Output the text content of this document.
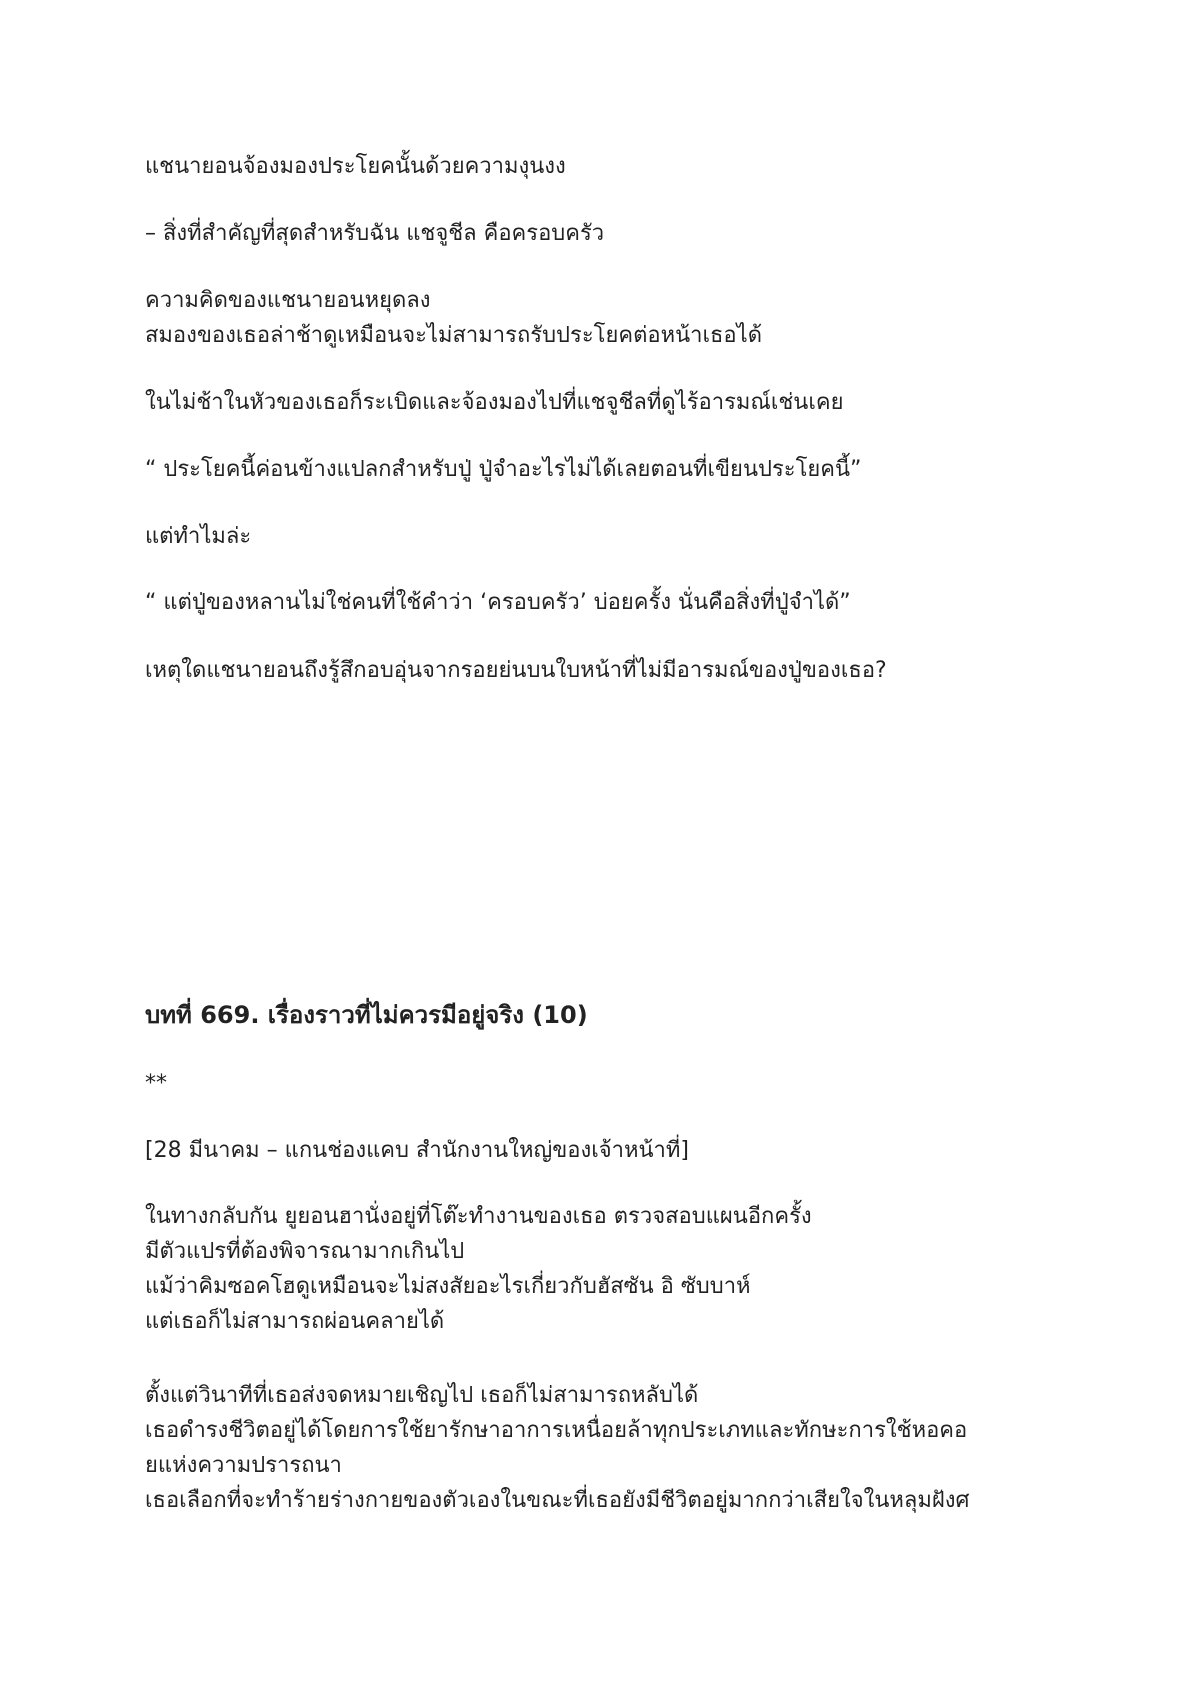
แชนายอนจ้องมองประโยคนั้นด้วยความงุนงง

– สิ่งที่สำคัญที่สุดสำหรับฉัน แชจูชีล คือครอบครัว

ความคิดของแชนายอนหยุดลง

สมองของเธอล่าช้าดูเหมือนจะไม่สามารถรับประโยคต่อหน้าเธอได้

ในไม่ช้าในหัวของเธอก็ระเบิดและจ้องมองไปที่แชจูชีลที่ดูไร้อารมณ์เช่นเคย

“ ประโยคนี้ค่อนข้างแปลกสำหรับปู่ ปู่จำอะไรไม่ได้เลยตอนที่เขียนประโยคนี้”

แต่ทำไมล่ะ

“ แต่ปู่ของหลานไม่ใช่คนที่ใช้คำว่า ‘ครอบครัว’ บ่อยครั้ง นั่นคือสิ่งที่ปู่จำได้”

เหตุใดแชนายอนถึงรู้สึกอบอุ่นจากรอยย่นบนใบหน้าที่ไม่มีอารมณ์ของปู่ของเธอ?

บทที่ 669. เรื่องราวที่ไม่ควรมีอยู่จริง (10)

**

[28 มีนาคม – แกนช่องแคบ สำนักงานใหญ่ของเจ้าหน้าที่]

ในทางกลับกัน ยูยอนฮานั่งอยู่ที่โต๊ะทำงานของเธอ ตรวจสอบแผนอีกครั้ง

มีตัวแปรที่ต้องพิจารณามากเกินไป

แม้ว่าคิมซอคโฮดูเหมือนจะไม่สงสัยอะไรเกี่ยวกับฮัสซัน อิ ซับบาห์

แต่เธอก็ไม่สามารถผ่อนคลายได้

ตั้งแต่วินาทีที่เธอส่งจดหมายเชิญไป เธอก็ไม่สามารถหลับได้

เธอดำรงชีวิตอยู่ได้โดยการใช้ยารักษาอาการเหนื่อยล้าทุกประเภทและทักษะการใช้หอคอ

ยแห่งความปรารถนา

เธอเลือกที่จะทำร้ายร่างกายของตัวเองในขณะที่เธอยังมีชีวิตอยู่มากกว่าเสียใจในหลุมฝังศ
